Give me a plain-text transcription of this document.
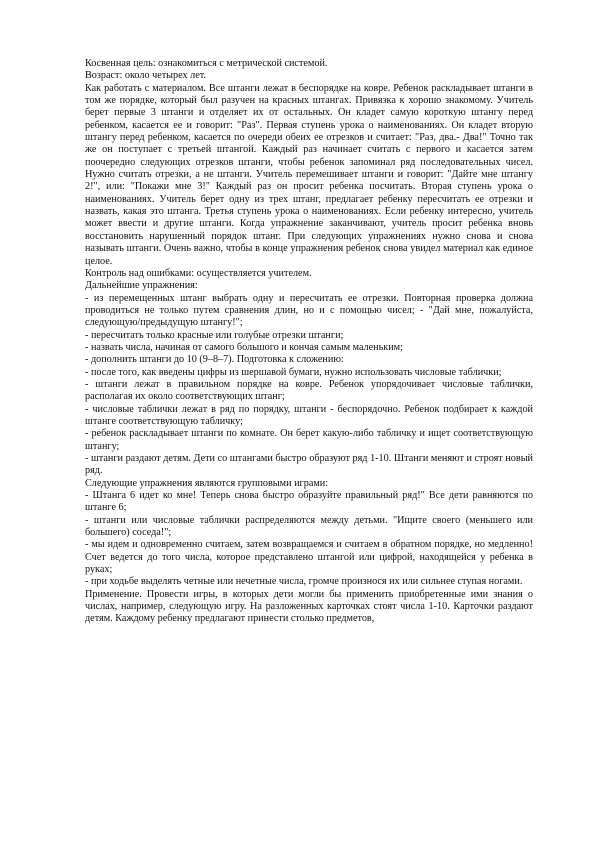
Косвенная цель: ознакомиться с метрической системой.

Возраст: около четырех лет.

Как работать с материалом. Все штанги лежат в беспорядке на ковре. Ребенок раскладывает штанги в том же порядке, который был разучен на красных штангах. Привязка к хорошо знакомому. Учитель берет первые 3 штанги и отделяет их от остальных. Он кладет самую короткую штангу перед ребенком, касается ее и говорит: "Раз". Первая ступень урока о наименованиях. Он кладет вторую штангу перед ребенком, касается по очереди обеих ее отрезков и считает: "Раз, два.- Два!" Точно так же он поступает с третьей штангой. Каждый раз начинает считать с первого и касается затем поочередно следующих отрезков штанги, чтобы ребенок запоминал ряд последовательных чисел. Нужно считать отрезки, а не штанги. Учитель перемешивает штанги и говорит: "Дайте мне штангу 2!", или: "Покажи мне 3!" Каждый раз он просит ребенка посчитать. Вторая ступень урока о наименованиях. Учитель берет одну из трех штанг, предлагает ребенку пересчитать ее отрезки и назвать, какая это штанга. Третья ступень урока о наименованиях. Если ребенку интересно, учитель может ввести и другие штанги. Когда упражнение заканчивают, учитель просит ребенка вновь восстановить нарушенный порядок штанг. При следующих упражнениях нужно снова и снова называть штанги. Очень важно, чтобы в конце упражнения ребенок снова увидел материал как единое целое.

Контроль над ошибками: осуществляется учителем.

Дальнейшие упражнения:

- из перемещенных штанг выбрать одну и пересчитать ее отрезки. Повторная проверка должна проводиться не только путем сравнения длин, но и с помощью чисел; - "Дай мне, пожалуйста, следующую/предыдущую штангу!";

- пересчитать только красные или голубые отрезки штанги;

- назвать числа, начиная от самого большого и кончая самым маленьким;

- дополнить штанги до 10 (9–8–7). Подготовка к сложению:

- после того, как введены цифры из шершавой бумаги, нужно использовать числовые таблички;

- штанги лежат в правильном порядке на ковре. Ребенок упорядочивает числовые таблички, располагая их около соответствующих штанг;

- числовые таблички лежат в ряд по порядку, штанги - беспорядочно. Ребенок подбирает к каждой штанге соответствующую табличку;

- ребенок раскладывает штанги по комнате. Он берет какую-либо табличку и ищет соответствующую штангу;

- штанги раздают детям. Дети со штангами быстро образуют ряд 1-10. Штанги меняют и строят новый ряд.

Следующие упражнения являются групповыми играми:

- Штанга 6 идет ко мне! Теперь снова быстро образуйте правильный ряд!" Все дети равняются по штанге 6;

- штанги или числовые таблички распределяются между детьми. "Ищите своего (меньшего или большего) соседа!";

- мы идем и одновременно считаем, затем возвращаемся и считаем в обратном порядке, но медленно! Счет ведется до того числа, которое представлено штангой или цифрой, находящейся у ребенка в руках;

- при ходьбе выделять четные или нечетные числа, громче произнося их или сильнее ступая ногами.

Применение. Провести игры, в которых дети могли бы применить приобретенные ими знания о числах, например, следующую игру. На разложенных карточках стоят числа 1-10. Карточки раздают детям. Каждому ребенку предлагают принести столько предметов,
